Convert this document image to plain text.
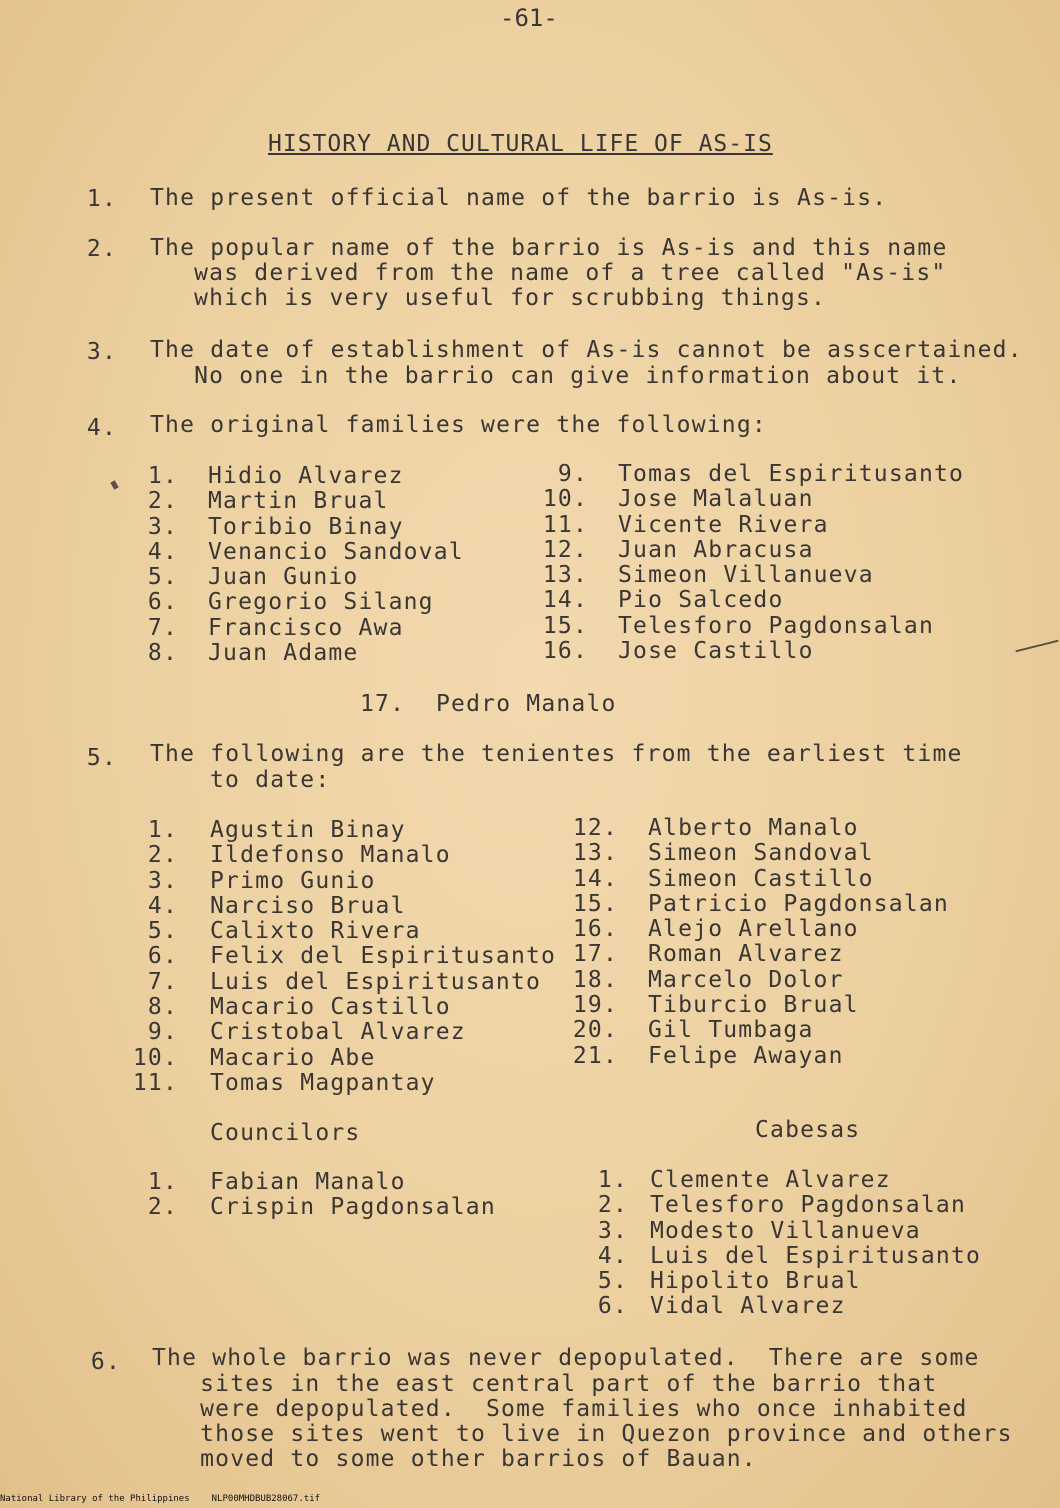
-61-
HISTORY AND CULTURAL LIFE OF AS-IS
1. The present official name of the barrio is As-is.
2. The popular name of the barrio is As-is and this name
was derived from the name of a tree called "As-is"
which is very useful for scrubbing things.
3. The date of establishment of As-is cannot be asscertained.
No one in the barrio can give information about it.
4. The original families were the following:
1. Hidio Alvarez
2. Martin Brual
3. Toribio Binay
4. Venancio Sandoval
5. Juan Gunio
6. Gregorio Silang
7. Francisco Awa
8. Juan Adame
9. Tomas del Espiritusanto
10. Jose Malaluan
11. Vicente Rivera
12. Juan Abracusa
13. Simeon Villanueva
14. Pio Salcedo
15. Telesforo Pagdonsalan
16. Jose Castillo
17. Pedro Manalo
5. The following are the tenientes from the earliest time
to date:
1. Agustin Binay
2. Ildefonso Manalo
3. Primo Gunio
4. Narciso Brual
5. Calixto Rivera
6. Felix del Espiritusanto
7. Luis del Espiritusanto
8. Macario Castillo
9. Cristobal Alvarez
10. Macario Abe
11. Tomas Magpantay
12. Alberto Manalo
13. Simeon Sandoval
14. Simeon Castillo
15. Patricio Pagdonsalan
16. Alejo Arellano
17. Roman Alvarez
18. Marcelo Dolor
19. Tiburcio Brual
20. Gil Tumbaga
21. Felipe Awayan
Councilors	Cabesas
1. Fabian Manalo
2. Crispin Pagdonsalan
1. Clemente Alvarez
2. Telesforo Pagdonsalan
3. Modesto Villanueva
4. Luis del Espiritusanto
5. Hipolito Brual
6. Vidal Alvarez
6. The whole barrio was never depopulated.  There are some
sites in the east central part of the barrio that
were depopulated.  Some families who once inhabited
those sites went to live in Quezon province and others
moved to some other barrios of Bauan.
National Library of the Philippines NLP00MHDBUB28067.tif
